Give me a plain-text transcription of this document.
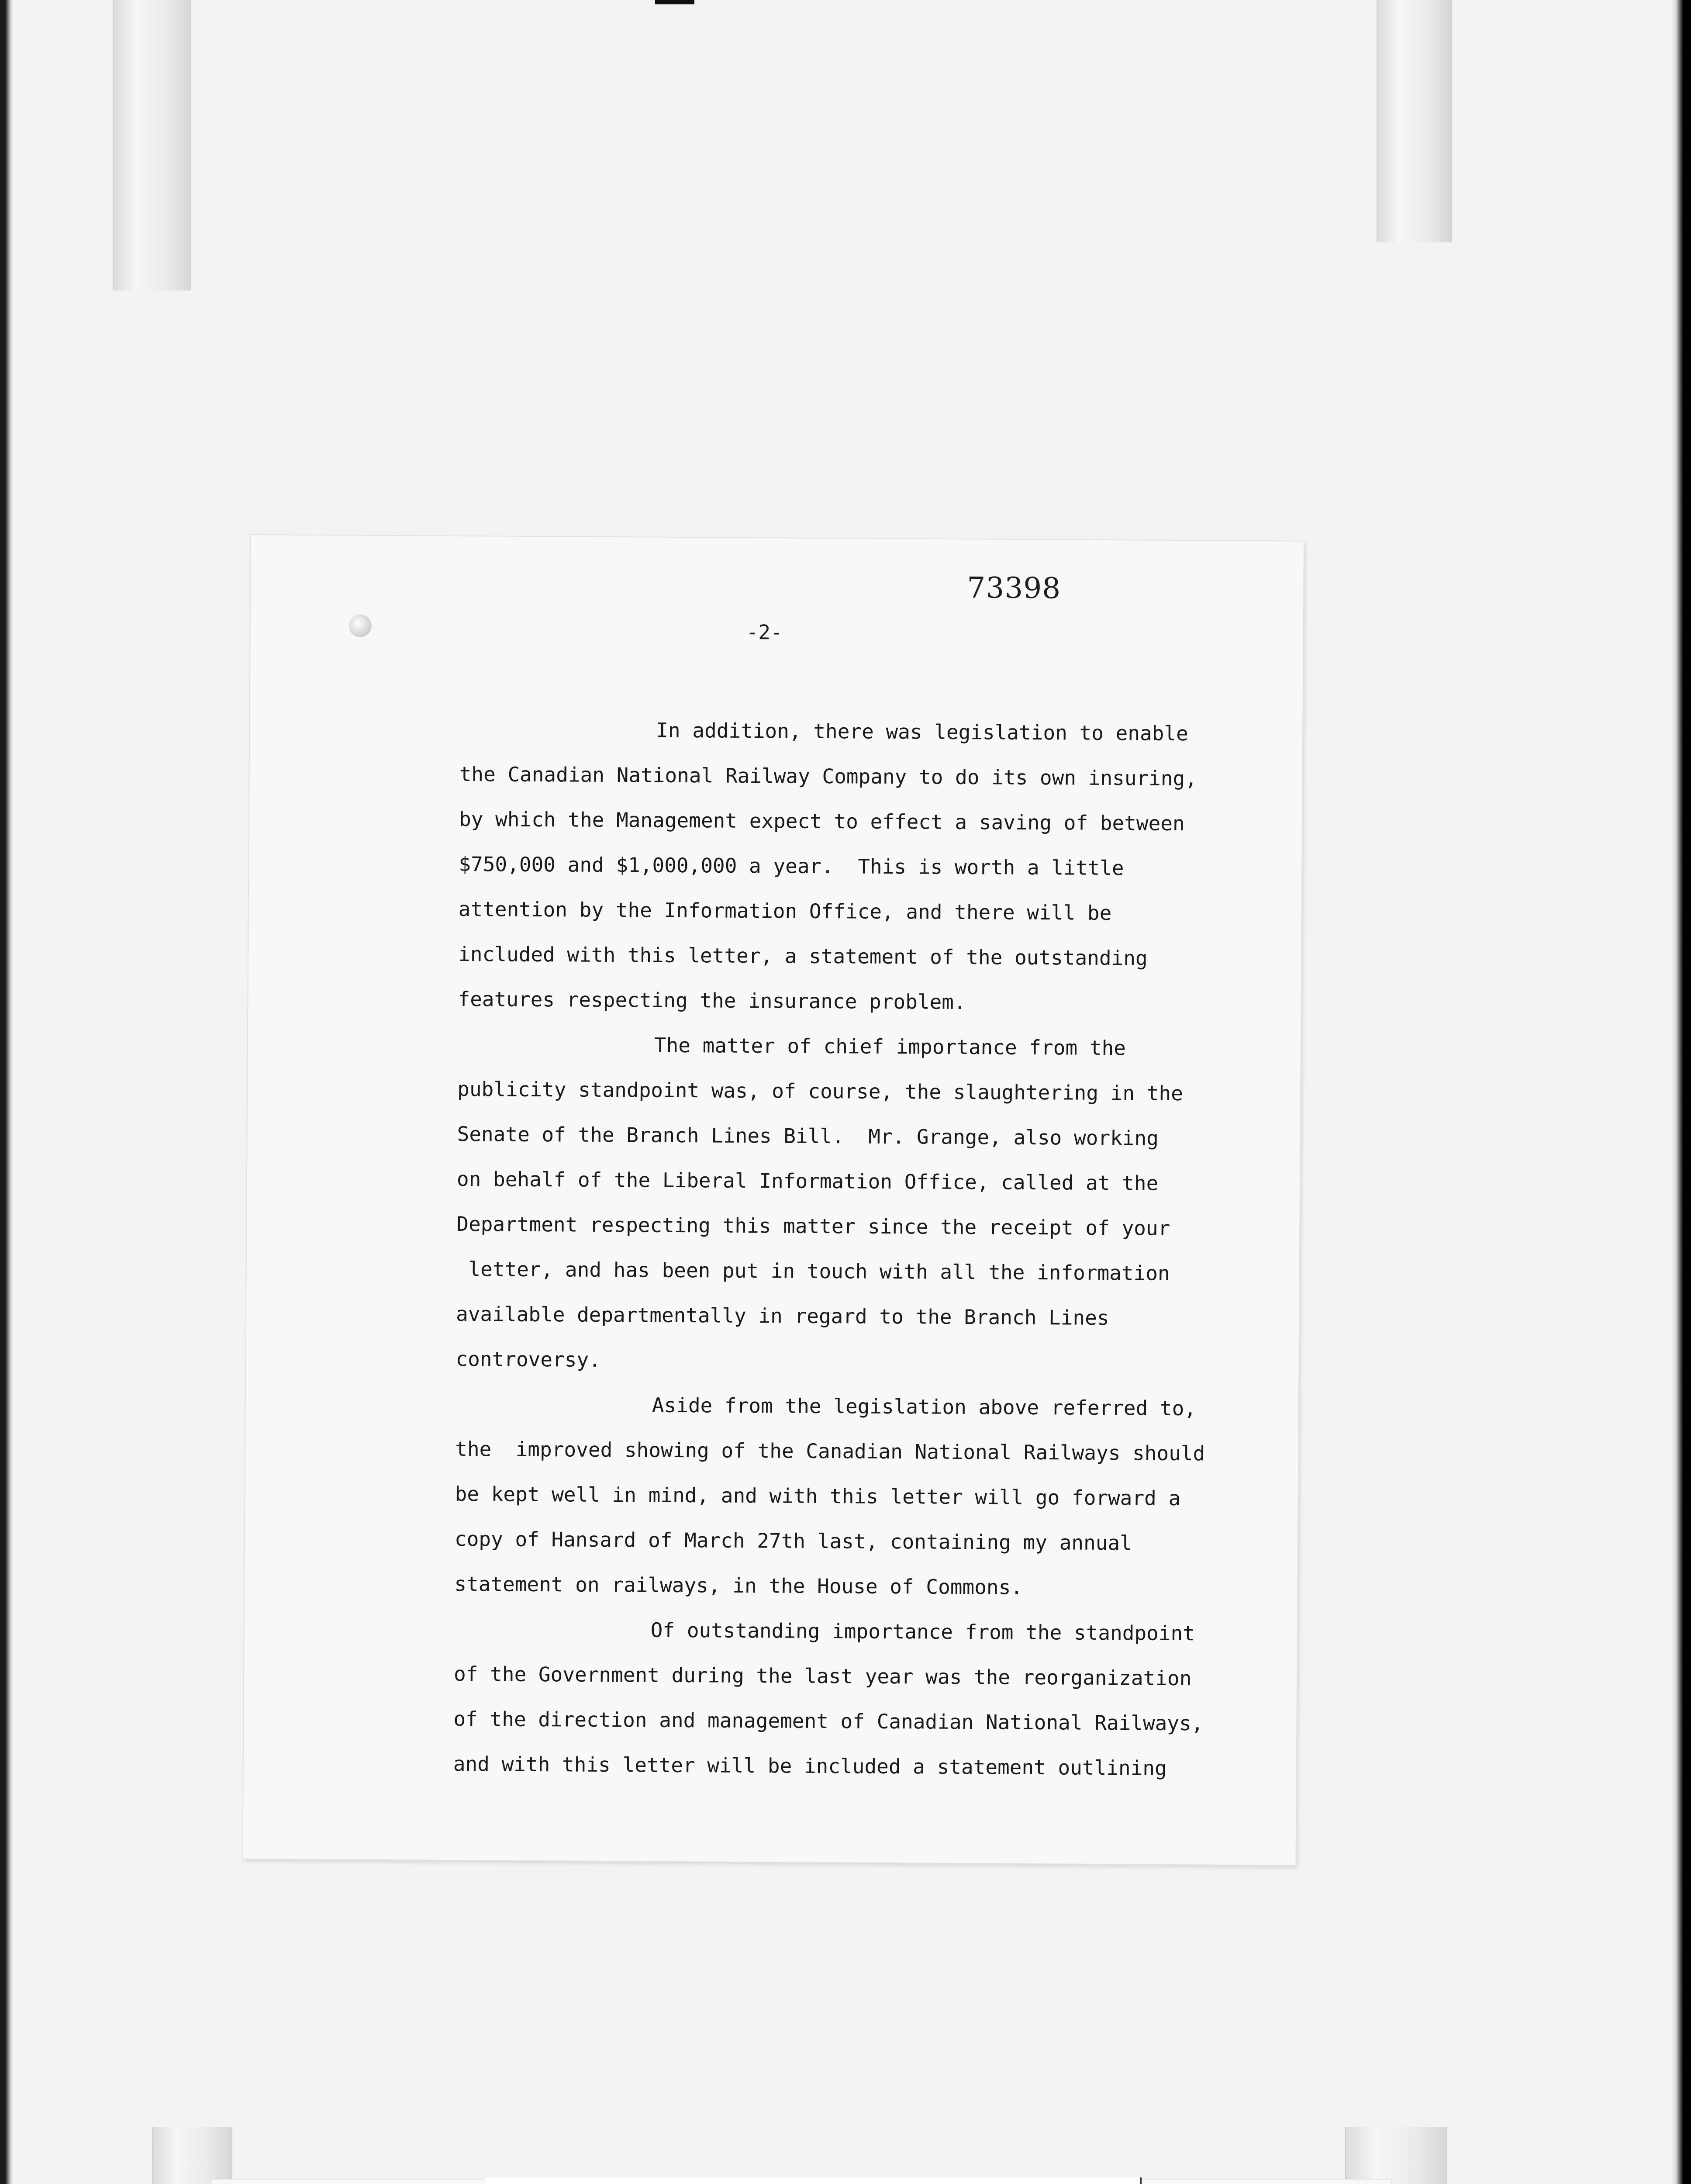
73398
-2-
In addition, there was legislation to enable
the Canadian National Railway Company to do its own insuring,
by which the Management expect to effect a saving of between
$750,000 and $1,000,000 a year.  This is worth a little
attention by the Information Office, and there will be
included with this letter, a statement of the outstanding
features respecting the insurance problem.
The matter of chief importance from the
publicity standpoint was, of course, the slaughtering in the
Senate of the Branch Lines Bill.  Mr. Grange, also working
on behalf of the Liberal Information Office, called at the
Department respecting this matter since the receipt of your
letter, and has been put in touch with all the information
available departmentally in regard to the Branch Lines
controversy.
Aside from the legislation above referred to,
the  improved showing of the Canadian National Railways should
be kept well in mind, and with this letter will go forward a
copy of Hansard of March 27th last, containing my annual
statement on railways, in the House of Commons.
Of outstanding importance from the standpoint
of the Government during the last year was the reorganization
of the direction and management of Canadian National Railways,
and with this letter will be included a statement outlining
